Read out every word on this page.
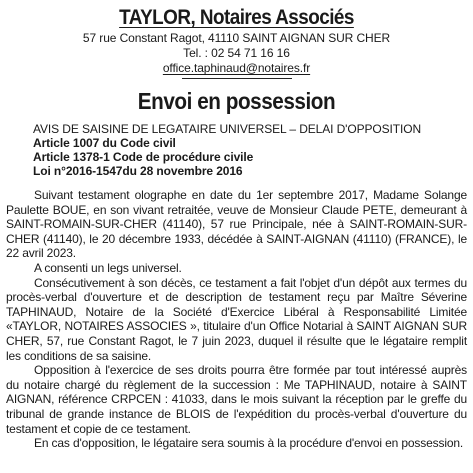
TAYLOR, Notaires Associés
57 rue Constant Ragot, 41110 SAINT AIGNAN SUR CHER
Tel. : 02 54 71 16 16
office.taphinaud@notaires.fr
Envoi en possession
AVIS DE SAISINE DE LEGATAIRE UNIVERSEL – DELAI D'OPPOSITION
Article 1007 du Code civil
Article 1378-1 Code de procédure civile
Loi n°2016-1547du 28 novembre 2016

Suivant testament olographe en date du 1er septembre 2017, Madame Solange Paulette BOUE, en son vivant retraitée, veuve de Monsieur Claude PETE, demeurant à SAINT-ROMAIN-SUR-CHER (41140), 57 rue Principale, née à SAINT-ROMAIN-SUR-CHER (41140), le 20 décembre 1933, décédée à SAINT-AIGNAN (41110) (FRANCE), le 22 avril 2023.

A consenti un legs universel.

Consécutivement à son décès, ce testament a fait l'objet d'un dépôt aux termes du procès-verbal d'ouverture et de description de testament reçu par Maître Séverine TAPHINAUD, Notaire de la Société d'Exercice Libéral à Responsabilité Limitée «TAYLOR, NOTAIRES ASSOCIES », titulaire d'un Office Notarial à SAINT AIGNAN SUR CHER, 57, rue Constant Ragot, le 7 juin 2023, duquel il résulte que le légataire remplit les conditions de sa saisine.

Opposition à l'exercice de ses droits pourra être formée par tout intéressé auprès du notaire chargé du règlement de la succession : Me TAPHINAUD, notaire à SAINT AIGNAN, référence CRPCEN : 41033, dans le mois suivant la réception par le greffe du tribunal de grande instance de BLOIS de l'expédition du procès-verbal d'ouverture du testament et copie de ce testament.

En cas d'opposition, le légataire sera soumis à la procédure d'envoi en possession.
